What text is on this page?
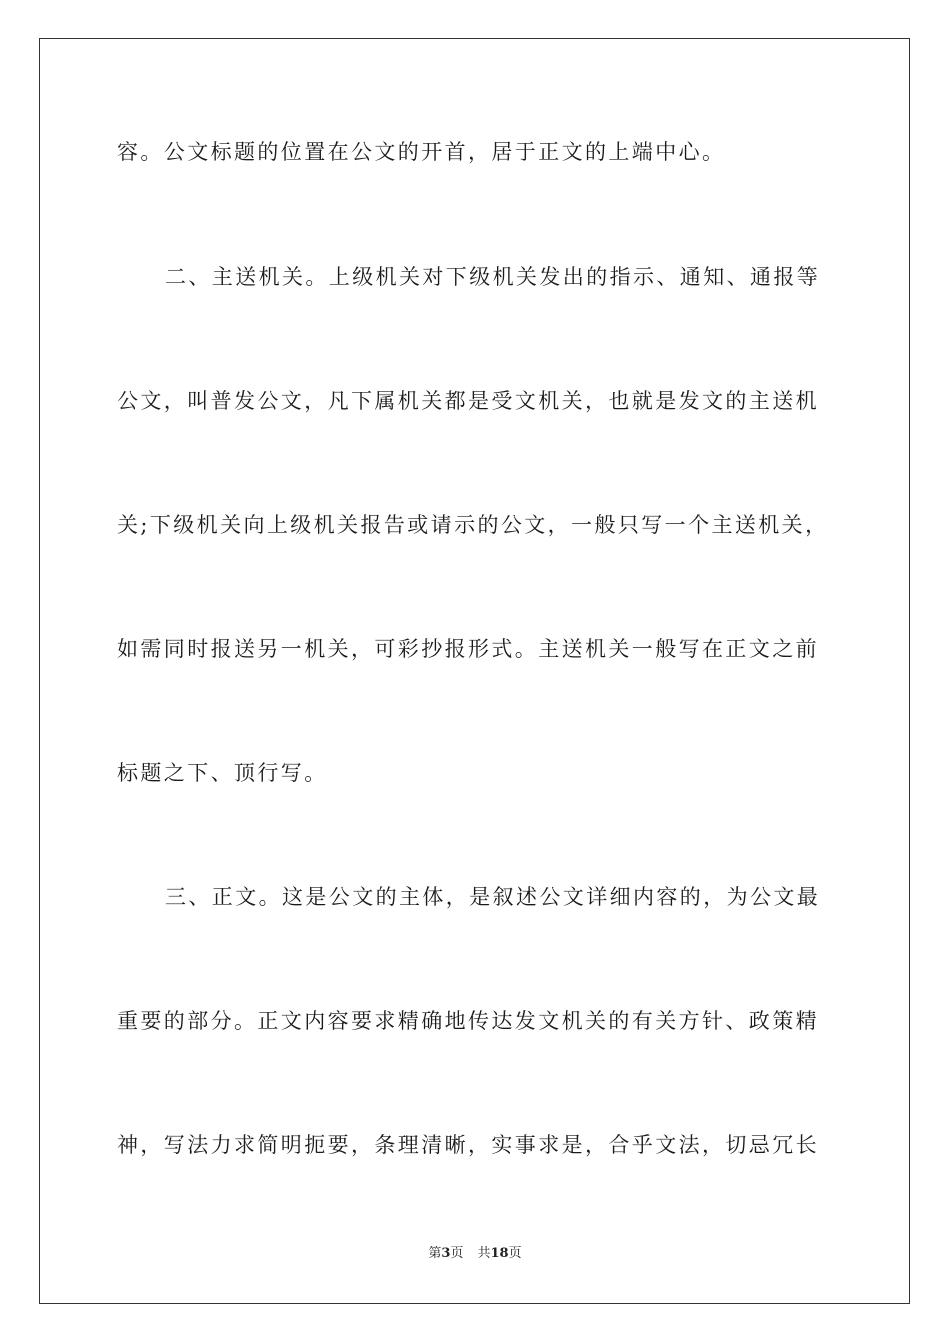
容。公文标题的位置在公文的开首，居于正文的上端中心。

二、主送机关。上级机关对下级机关发出的指示、通知、通报等

公文，叫普发公文，凡下属机关都是受文机关，也就是发文的主送机

关;下级机关向上级机关报告或请示的公文，一般只写一个主送机关，

如需同时报送另一机关，可彩抄报形式。主送机关一般写在正文之前

标题之下、顶行写。

三、正文。这是公文的主体，是叙述公文详细内容的，为公文最

重要的部分。正文内容要求精确地传达发文机关的有关方针、政策精

神，写法力求简明扼要，条理清晰，实事求是，合乎文法，切忌冗长

第3页 共18页
